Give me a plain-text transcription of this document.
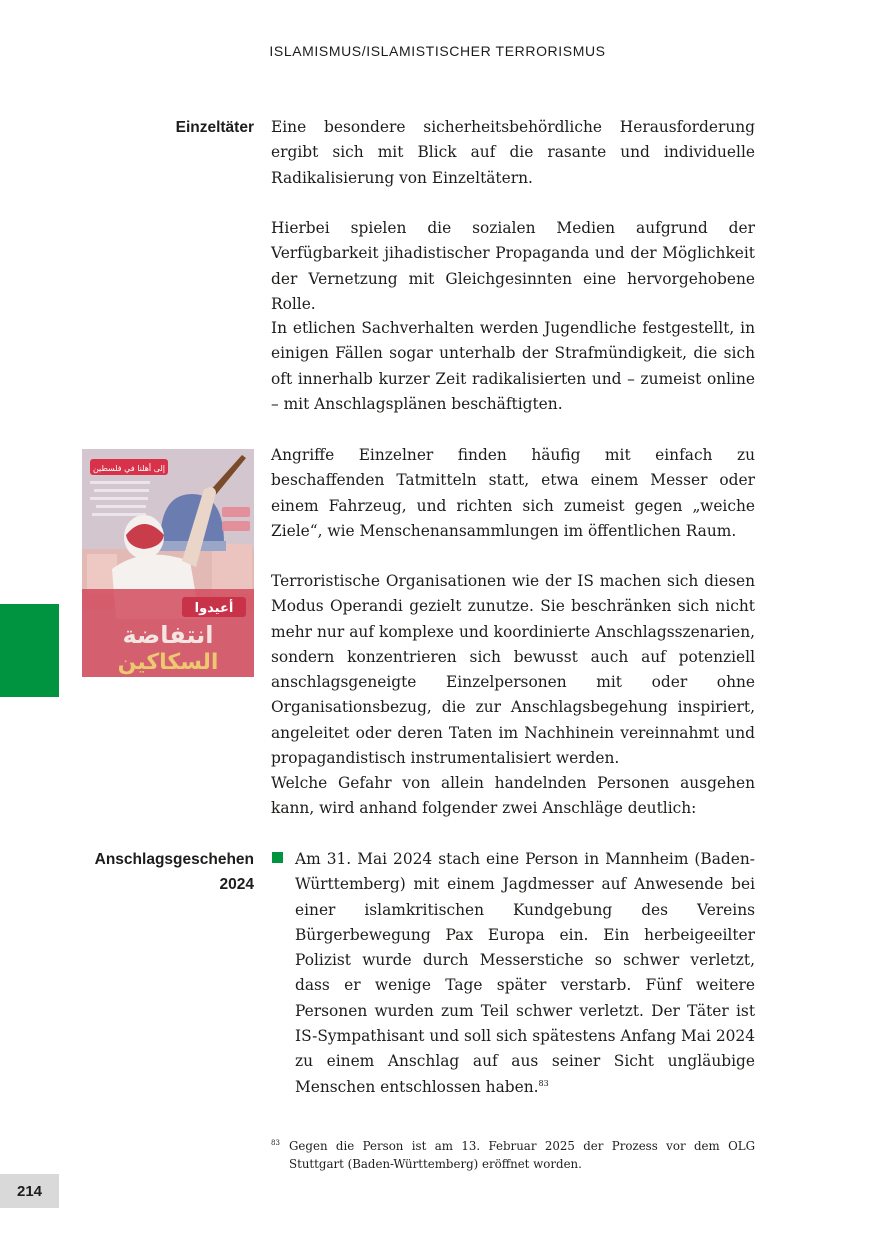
ISLAMISMUS/ISLAMISTISCHER TERRORISMUS
Einzeltäter Eine besondere sicherheitsbehördliche Herausforderung ergibt sich mit Blick auf die rasante und individuelle Radikalisierung von Einzeltätern.

Hierbei spielen die sozialen Medien aufgrund der Verfügbarkeit jihadistischer Propaganda und der Möglichkeit der Vernetzung mit Gleichgesinnten eine hervorgehobene Rolle.

In etlichen Sachverhalten werden Jugendliche festgestellt, in einigen Fällen sogar unterhalb der Strafmündigkeit, die sich oft innerhalb kurzer Zeit radikalisierten und – zumeist online – mit Anschlagsplänen beschäftigten.

Angriffe Einzelner finden häufig mit einfach zu beschaffenden Tatmitteln statt, etwa einem Messer oder einem Fahrzeug, und richten sich zumeist gegen „weiche Ziele“, wie Menschenansammlungen im öffentlichen Raum.

Terroristische Organisationen wie der IS machen sich diesen Modus Operandi gezielt zunutze. Sie beschränken sich nicht mehr nur auf komplexe und koordinierte Anschlagsszenarien, sondern konzentrieren sich bewusst auch auf potenziell anschlagsgeneigte Einzelpersonen mit oder ohne Organisationsbezug, die zur Anschlagsbegehung inspiriert, angeleitet oder deren Taten im Nachhinein vereinnahmt und propagandistisch instrumentalisiert werden.

Welche Gefahr von allein handelnden Personen ausgehen kann, wird anhand folgender zwei Anschläge deutlich:

إلى أهلنا في فلسطين
أعيدوا
انتفاضة
السكاكين
Anschlagsgeschehen
2024

Am 31. Mai 2024 stach eine Person in Mannheim (Baden-Württemberg) mit einem Jagdmesser auf Anwesende bei einer islamkritischen Kundgebung des Vereins Bürgerbewegung Pax Europa ein. Ein herbeigeeilter Polizist wurde durch Messerstiche so schwer verletzt, dass er wenige Tage später verstarb. Fünf weitere Personen wurden zum Teil schwer verletzt. Der Täter ist IS-Sympathisant und soll sich spätestens Anfang Mai 2024 zu einem Anschlag auf aus seiner Sicht ungläubige Menschen entschlossen haben.$^{83}$

83 Gegen die Person ist am 13. Februar 2025 der Prozess vor dem OLG Stuttgart (Baden-Württemberg) eröffnet worden.
214
